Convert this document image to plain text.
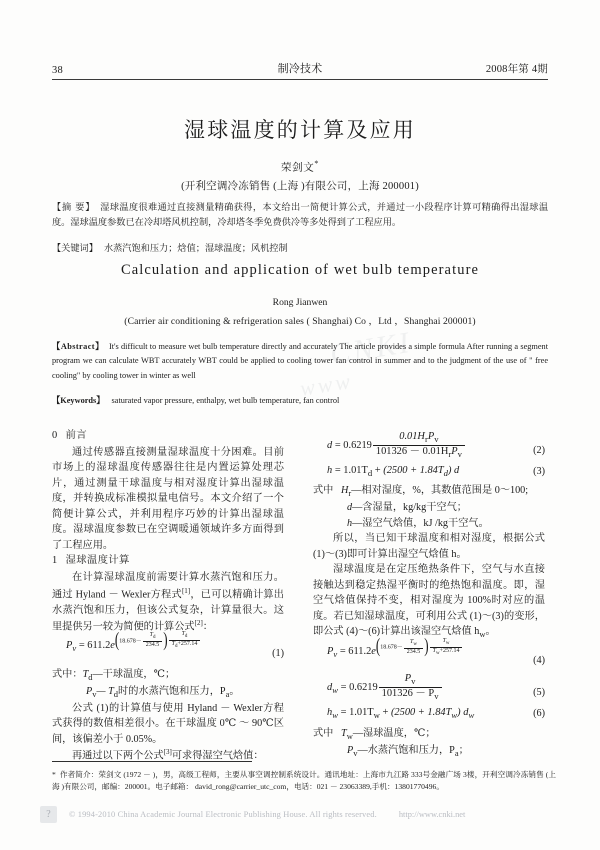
38	制冷技术	2008年第 4期
湿球温度的计算及应用

荣剑文*

(开利空调冷冻销售 (上海 )有限公司，上海 200001)

【摘 要】 湿球温度很难通过直接测量精确获得，本文给出一简便计算公式，并通过一小段程序计算可精确得出湿球温度。湿球温度参数已在冷却塔风机控制，冷却塔冬季免费供冷等多处得到了工程应用。
【关键词】 水蒸汽饱和压力；焓值；湿球温度；风机控制
Calculation and application of wet bulb temperature

Rong Jianwen

(Carrier air conditioning & refrigeration sales ( Shanghai) Co ，Ltd ，Shanghai 200001)

CNKI
www
【Abstract】 It's difficult to measure wet bulb temperature directly and accurately The article provides a simple formula After running a segment program we can calculate WBT accurately WBT could be applied to cooling tower fan control in summer and to the judgment of the use of " free cooling" by cooling tower in winter as well
【Keywords】 saturated vapor pressure, enthalpy, wet bulb temperature, fan control

0 前言

通过传感器直接测量湿球温度十分困难。目前市场上的湿球温度传感器往往是内置运算处理芯片，通过测量干球温度与相对湿度计算出湿球温度，并转换成标准模拟量电信号。本文介绍了一个简便计算公式，并利用程序巧妙的计算出湿球温度。湿球温度参数已在空调暖通领域许多方面得到了工程应用。

1 湿球温度计算

在计算湿球温度前需要计算水蒸汽饱和压力。通过 Hyland － Wexler方程式[1]，已可以精确计算出水蒸汽饱和压力，但该公式复杂，计算量很大。这里提供另一较为简便的计算公式[2]：

$P_v = 611.2e(18.678- \frac{T_d}{234.5}$ ) $\frac{T_d}{T_d+257.14}$
(1)

式中：$T_d—$干球温度，℃；

$P_v—$ $T_d$时的水蒸汽饱和压力，$P_a$。

公式 (1)的计算值与使用 Hyland － Wexler方程式获得的数值相差很小。在干球温度 0℃ ～ 90℃区间，该偏差小于 0.05%。

再通过以下两个公式[3]可求得湿空气焓值：

$d = 0.6219 \frac{0.01H_rP_v}{101326 - 0.01H_rP_v}$	(2)
$h = 1.01T_d + (2500 + 1.84T_d)$ d	(3)

式中 $H_r—$相对湿度，%，其数值范围是 0～100;

d—含湿量，kg/kg干空气；

h—湿空气焓值，kJ /kg干空气。

所以，当已知干球温度和相对湿度，根据公式 (1)～(3)即可计算出湿空气焓值 h。

湿球温度是在定压绝热条件下，空气与水直接接触达到稳定热湿平衡时的绝热饱和温度。即，湿空气焓值保持不变，相对湿度为 100%时对应的温度。若已知湿球温度，可利用公式 (1)～(3)的变形，即公式 (4)～(6)计算出该湿空气焓值 $h_w$。

$P_v = 611.2e(18.678- \frac{T_w}{234.5}$ ) $\frac{T_w}{T_w+257.14}$
(4)
$d_w = 0.6219 \frac{P_v}{101326 - P_v}$	(5)
$h_w = 1.01T_w + (2500 + 1.84T_w)$ $d_w$	(6)

式中 $T_w—$湿球温度，℃；

$P_v—$水蒸汽饱和压力，$P_a$；

* 作者简介：荣剑文 (1972 － )，男，高级工程师，主要从事空调控制系统设计。通讯地址：上海市九江路 333号金融广场 3楼，开利空调冷冻销售 (上海 )有限公司，邮编：200001。电子邮箱： david_rong@carrier_utc_com，电话：021 － 23063389,手机：13801770496。
?	© 1994-2010 China Academic Journal Electronic Publishing House. All rights reserved.	http://www.cnki.net
